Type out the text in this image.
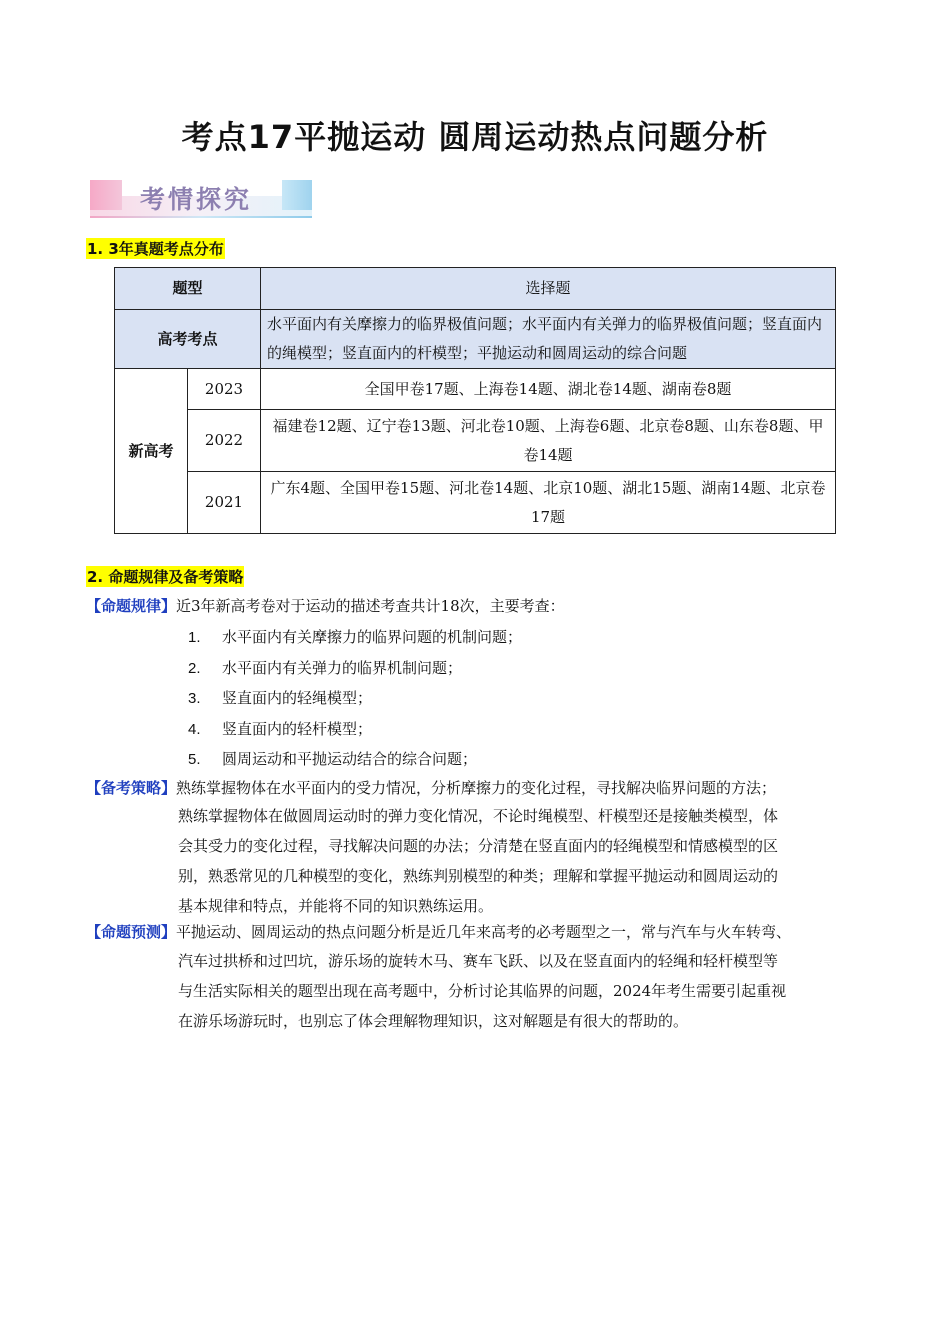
考点17平抛运动 圆周运动热点问题分析
考情探究
1. 3年真题考点分布
题型		选择题
高考考点		水平面内有关摩擦力的临界极值问题；水平面内有关弹力的临界极值问题；竖直面内的绳模型；竖直面内的杆模型；平抛运动和圆周运动的综合问题
新高考	2023	全国甲卷17题、上海卷14题、湖北卷14题、湖南卷8题
	2022	福建卷12题、辽宁卷13题、河北卷10题、上海卷6题、北京卷8题、山东卷8题、甲卷14题
	2021	广东4题、全国甲卷15题、河北卷14题、北京10题、湖北15题、湖南14题、北京卷17题
2. 命题规律及备考策略
【命题规律】近3年新高考卷对于运动的描述考查共计18次，主要考查：
1. 水平面内有关摩擦力的临界问题的机制问题；
2. 水平面内有关弹力的临界机制问题；
3. 竖直面内的轻绳模型；
4. 竖直面内的轻杆模型；
5. 圆周运动和平抛运动结合的综合问题；
【备考策略】熟练掌握物体在水平面内的受力情况，分析摩擦力的变化过程，寻找解决临界问题的方法；
熟练掌握物体在做圆周运动时的弹力变化情况，不论时绳模型、杆模型还是接触类模型，体
会其受力的变化过程，寻找解决问题的办法；分清楚在竖直面内的轻绳模型和情感模型的区
别，熟悉常见的几种模型的变化，熟练判别模型的种类；理解和掌握平抛运动和圆周运动的
基本规律和特点，并能将不同的知识熟练运用。
【命题预测】平抛运动、圆周运动的热点问题分析是近几年来高考的必考题型之一，常与汽车与火车转弯、
汽车过拱桥和过凹坑，游乐场的旋转木马、赛车飞跃、以及在竖直面内的轻绳和轻杆模型等
与生活实际相关的题型出现在高考题中，分析讨论其临界的问题，2024年考生需要引起重视
在游乐场游玩时，也别忘了体会理解物理知识，这对解题是有很大的帮助的。
